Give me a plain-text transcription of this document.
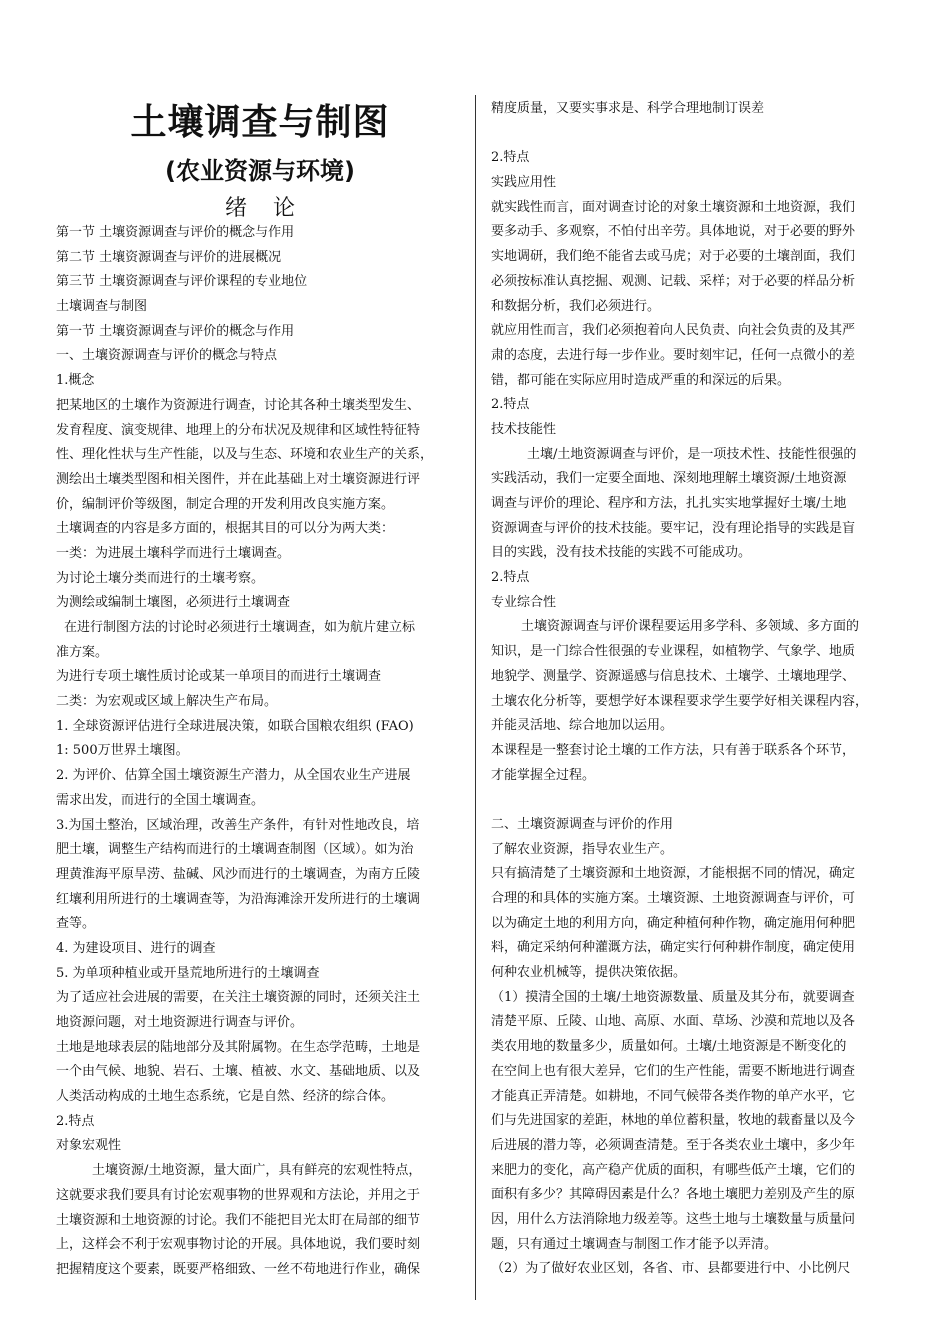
土壤调查与制图
(农业资源与环境)
绪论
第一节 土壤资源调查与评价的概念与作用
第二节 土壤资源调查与评价的进展概况
第三节 土壤资源调查与评价课程的专业地位
土壤调查与制图
第一节 土壤资源调查与评价的概念与作用
一、土壤资源调查与评价的概念与特点
1.概念
把某地区的土壤作为资源进行调查，讨论其各种土壤类型发生、
发育程度、演变规律、地理上的分布状况及规律和区域性特征特
性、理化性状与生产性能，以及与生态、环境和农业生产的关系，
测绘出土壤类型图和相关图件，并在此基础上对土壤资源进行评
价，编制评价等级图，制定合理的开发利用改良实施方案。
土壤调查的内容是多方面的，根据其目的可以分为两大类：
一类：为进展土壤科学而进行土壤调查。
为讨论土壤分类而进行的土壤考察。
为测绘或编制土壤图，必须进行土壤调查
在进行制图方法的讨论时必须进行土壤调查，如为航片建立标
准方案。
为进行专项土壤性质讨论或某一单项目的而进行土壤调查
二类：为宏观或区域上解决生产布局。
1. 全球资源评估进行全球进展决策，如联合国粮农组织 (FAO)
1: 500万世界土壤图。
2. 为评价、估算全国土壤资源生产潜力，从全国农业生产进展
需求出发，而进行的全国土壤调查。
3.为国土整治，区域治理，改善生产条件，有针对性地改良，培
肥土壤，调整生产结构而进行的土壤调查制图（区域）。如为治
理黄淮海平原旱涝、盐碱、风沙而进行的土壤调查，为南方丘陵
红壤利用所进行的土壤调查等，为沿海滩涂开发所进行的土壤调
查等。
4. 为建设项目、进行的调查
5. 为单项种植业或开垦荒地所进行的土壤调查
为了适应社会进展的需要，在关注土壤资源的同时，还须关注土
地资源问题，对土地资源进行调查与评价。
土地是地球表层的陆地部分及其附属物。在生态学范畴，土地是
一个由气候、地貌、岩石、土壤、植被、水文、基础地质、以及
人类活动构成的土地生态系统，它是自然、经济的综合体。
2.特点
对象宏观性
土壤资源/土地资源，量大面广，具有鲜亮的宏观性特点，
这就要求我们要具有讨论宏观事物的世界观和方法论，并用之于
土壤资源和土地资源的讨论。我们不能把目光太盯在局部的细节
上，这样会不利于宏观事物讨论的开展。具体地说，我们要时刻
把握精度这个要素，既要严格细致、一丝不苟地进行作业，确保
精度质量，又要实事求是、科学合理地制订误差
2.特点
实践应用性
就实践性而言，面对调查讨论的对象土壤资源和土地资源，我们
要多动手、多观察，不怕付出辛劳。具体地说，对于必要的野外
实地调研，我们绝不能省去或马虎；对于必要的土壤剖面，我们
必须按标准认真挖掘、观测、记载、采样；对于必要的样品分析
和数据分析，我们必须进行。
就应用性而言，我们必须抱着向人民负责、向社会负责的及其严
肃的态度，去进行每一步作业。要时刻牢记，任何一点微小的差
错，都可能在实际应用时造成严重的和深远的后果。
2.特点
技术技能性
土壤/土地资源调查与评价，是一项技术性、技能性很强的
实践活动，我们一定要全面地、深刻地理解土壤资源/土地资源
调查与评价的理论、程序和方法，扎扎实实地掌握好土壤/土地
资源调查与评价的技术技能。要牢记，没有理论指导的实践是盲
目的实践，没有技术技能的实践不可能成功。
2.特点
专业综合性
土壤资源调查与评价课程要运用多学科、多领域、多方面的
知识，是一门综合性很强的专业课程，如植物学、气象学、地质
地貌学、测量学、资源遥感与信息技术、土壤学、土壤地理学、
土壤农化分析等，要想学好本课程要求学生要学好相关课程内容，
并能灵活地、综合地加以运用。
本课程是一整套讨论土壤的工作方法，只有善于联系各个环节，
才能掌握全过程。
二、土壤资源调查与评价的作用
了解农业资源，指导农业生产。
只有搞清楚了土壤资源和土地资源，才能根据不同的情况，确定
合理的和具体的实施方案。土壤资源、土地资源调查与评价，可
以为确定土地的利用方向，确定种植何种作物，确定施用何种肥
料，确定采纳何种灌溉方法，确定实行何种耕作制度，确定使用
何种农业机械等，提供决策依据。
（1）摸清全国的土壤/土地资源数量、质量及其分布，就要调查
清楚平原、丘陵、山地、高原、水面、草场、沙漠和荒地以及各
类农用地的数量多少，质量如何。土壤/土地资源是不断变化的
在空间上也有很大差异，它们的生产性能，需要不断地进行调查
才能真正弄清楚。如耕地，不同气候带各类作物的单产水平，它
们与先进国家的差距，林地的单位蓄积量，牧地的载畜量以及今
后进展的潜力等，必须调查清楚。至于各类农业土壤中，多少年
来肥力的变化，高产稳产优质的面积，有哪些低产土壤，它们的
面积有多少？其障碍因素是什么？各地土壤肥力差别及产生的原
因，用什么方法消除地力级差等。这些土地与土壤数量与质量问
题，只有通过土壤调查与制图工作才能予以弄清。
（2）为了做好农业区划，各省、市、县都要进行中、小比例尺
